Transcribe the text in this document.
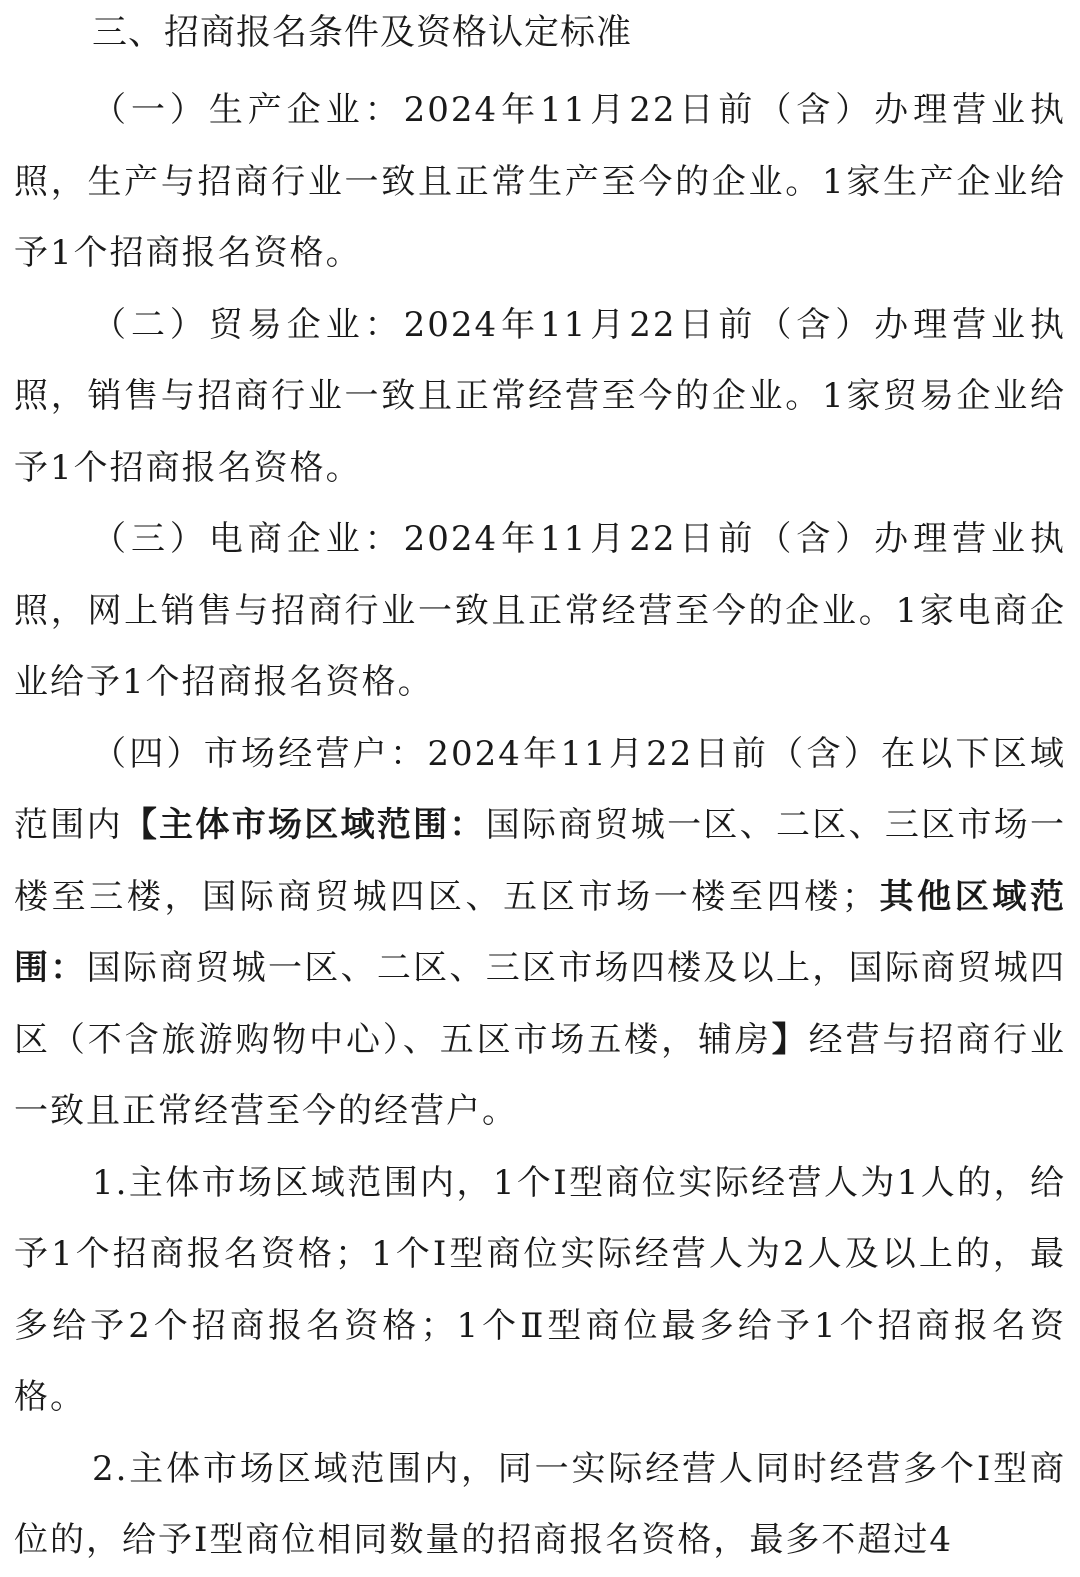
三、招商报名条件及资格认定标准

（一）生产企业：2024年11月22日前（含）办理营业执照，生产与招商行业一致且正常生产至今的企业。1家生产企业给予1个招商报名资格。

（二）贸易企业：2024年11月22日前（含）办理营业执照，销售与招商行业一致且正常经营至今的企业。1家贸易企业给予1个招商报名资格。

（三）电商企业：2024年11月22日前（含）办理营业执照，网上销售与招商行业一致且正常经营至今的企业。1家电商企业给予1个招商报名资格。

（四）市场经营户：2024年11月22日前（含）在以下区域范围内【主体市场区域范围：国际商贸城一区、二区、三区市场一楼至三楼，国际商贸城四区、五区市场一楼至四楼；其他区域范围：国际商贸城一区、二区、三区市场四楼及以上，国际商贸城四区（不含旅游购物中心）、五区市场五楼，辅房】经营与招商行业一致且正常经营至今的经营户。

1.主体市场区域范围内，1个Ⅰ型商位实际经营人为1人的，给予1个招商报名资格；1个Ⅰ型商位实际经营人为2人及以上的，最多给予2个招商报名资格；1个Ⅱ型商位最多给予1个招商报名资格。

2.主体市场区域范围内，同一实际经营人同时经营多个Ⅰ型商位的，给予Ⅰ型商位相同数量的招商报名资格，最多不超过4
